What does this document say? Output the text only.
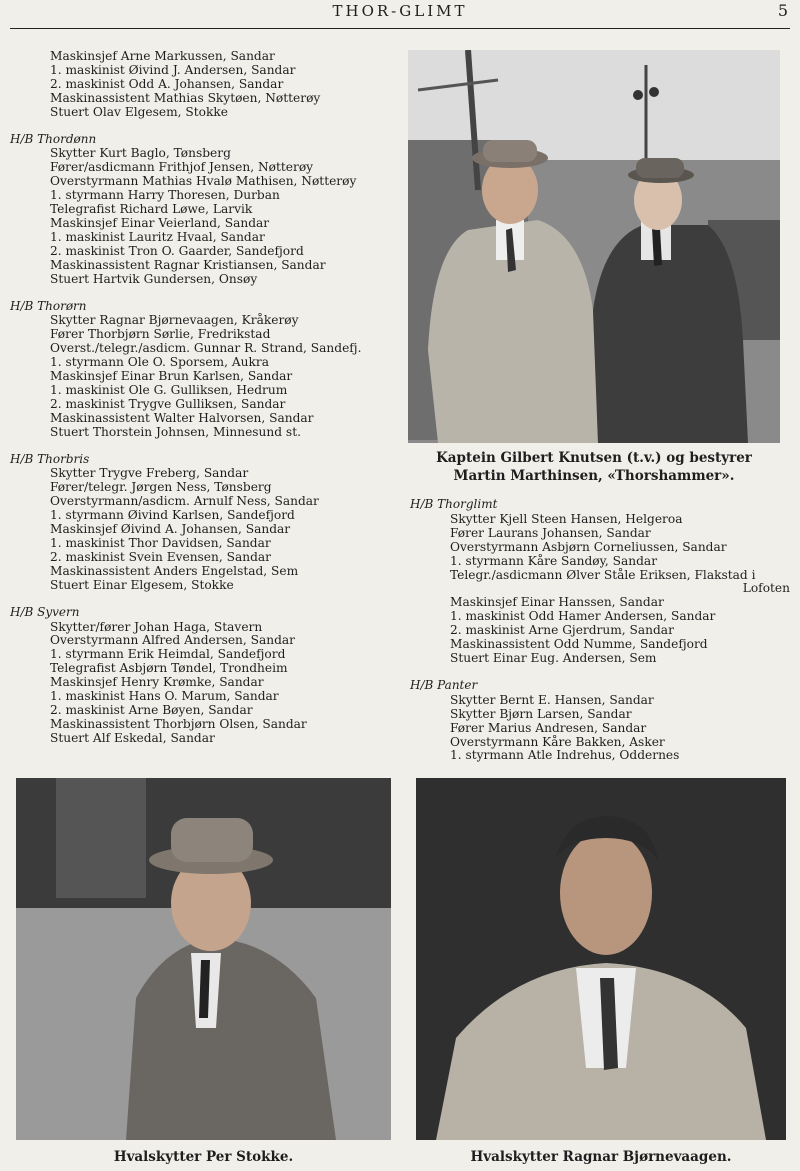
THOR-GLIMT	5
Maskinsjef Arne Markussen, Sandar
1. maskinist Øivind J. Andersen, Sandar
2. maskinist Odd A. Johansen, Sandar
Maskinassistent Mathias Skytøen, Nøtterøy
Stuert Olav Elgesem, Stokke
H/B Thordønn
Skytter Kurt Baglo, Tønsberg
Fører/asdicmann Frithjof Jensen, Nøtterøy
Overstyrmann Mathias Hvalø Mathisen, Nøtterøy
1. styrmann Harry Thoresen, Durban
Telegrafist Richard Løwe, Larvik
Maskinsjef Einar Veierland, Sandar
1. maskinist Lauritz Hvaal, Sandar
2. maskinist Tron O. Gaarder, Sandefjord
Maskinassistent Ragnar Kristiansen, Sandar
Stuert Hartvik Gundersen, Onsøy
H/B Thorørn
Skytter Ragnar Bjørnevaagen, Kråkerøy
Fører Thorbjørn Sørlie, Fredrikstad
Overst./telegr./asdicm. Gunnar R. Strand, Sandefj.
1. styrmann Ole O. Sporsem, Aukra
Maskinsjef Einar Brun Karlsen, Sandar
1. maskinist Ole G. Gulliksen, Hedrum
2. maskinist Trygve Gulliksen, Sandar
Maskinassistent Walter Halvorsen, Sandar
Stuert Thorstein Johnsen, Minnesund st.
H/B Thorbris
Skytter Trygve Freberg, Sandar
Fører/telegr. Jørgen Ness, Tønsberg
Overstyrmann/asdicm. Arnulf Ness, Sandar
1. styrmann Øivind Karlsen, Sandefjord
Maskinsjef Øivind A. Johansen, Sandar
1. maskinist Thor Davidsen, Sandar
2. maskinist Svein Evensen, Sandar
Maskinassistent Anders Engelstad, Sem
Stuert Einar Elgesem, Stokke
H/B Syvern
Skytter/fører Johan Haga, Stavern
Overstyrmann Alfred Andersen, Sandar
1. styrmann Erik Heimdal, Sandefjord
Telegrafist Asbjørn Tøndel, Trondheim
Maskinsjef Henry Krømke, Sandar
1. maskinist Hans O. Marum, Sandar
2. maskinist Arne Bøyen, Sandar
Maskinassistent Thorbjørn Olsen, Sandar
Stuert Alf Eskedal, Sandar
Kaptein Gilbert Knutsen (t.v.) og bestyrer
Martin Marthinsen, «Thorshammer».
H/B Thorglimt
Skytter Kjell Steen Hansen, Helgeroa
Fører Laurans Johansen, Sandar
Overstyrmann Asbjørn Corneliussen, Sandar
1. styrmann Kåre Sandøy, Sandar
Telegr./asdicmann Ølver Ståle Eriksen, Flakstad i
Lofoten
Maskinsjef Einar Hanssen, Sandar
1. maskinist Odd Hamer Andersen, Sandar
2. maskinist Arne Gjerdrum, Sandar
Maskinassistent Odd Numme, Sandefjord
Stuert Einar Eug. Andersen, Sem
H/B Panter
Skytter Bernt E. Hansen, Sandar
Skytter Bjørn Larsen, Sandar
Fører Marius Andresen, Sandar
Overstyrmann Kåre Bakken, Asker
1. styrmann Atle Indrehus, Oddernes
Hvalskytter Per Stokke.	Hvalskytter Ragnar Bjørnevaagen.
